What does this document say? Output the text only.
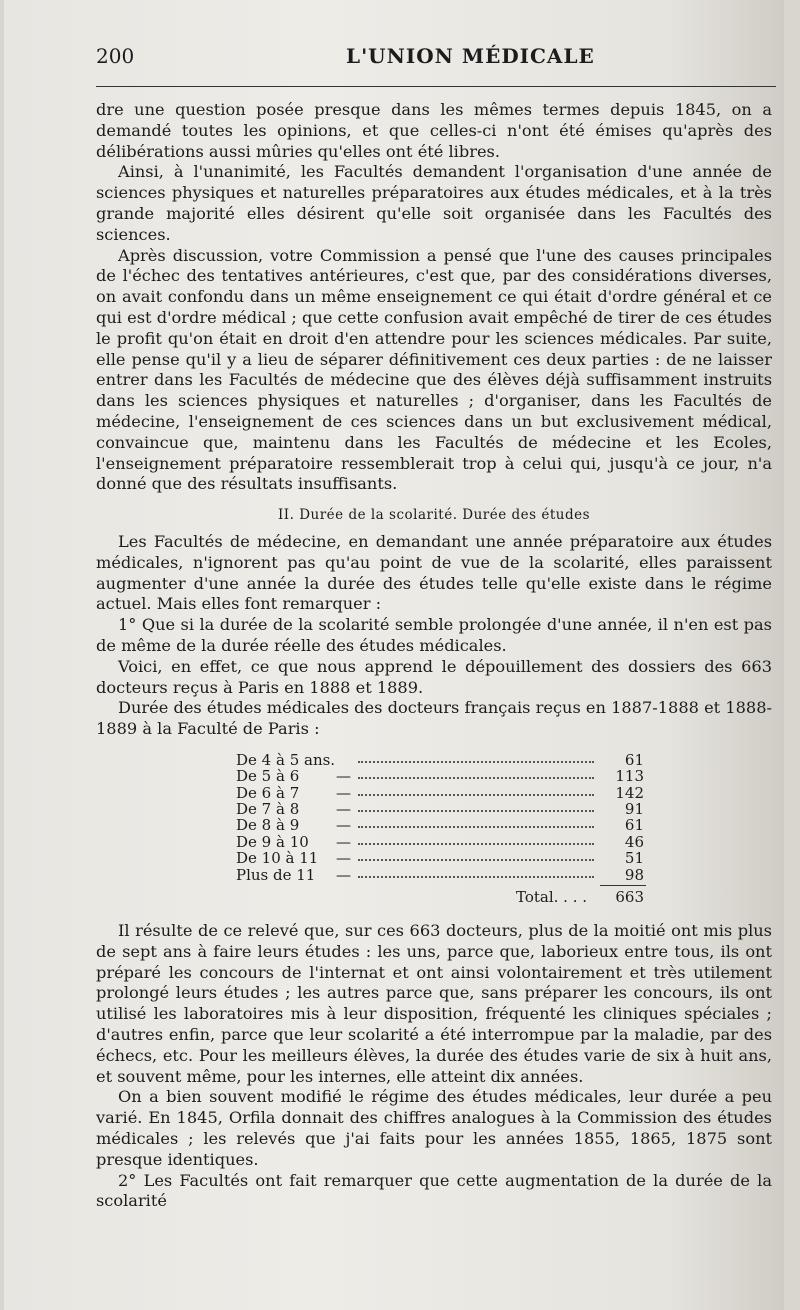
200	L'UNION MÉDICALE

dre une question posée presque dans les mêmes termes depuis 1845, on a demandé toutes les opinions, et que celles-ci n'ont été émises qu'après des délibérations aussi mûries qu'elles ont été libres.

Ainsi, à l'unanimité, les Facultés demandent l'organisation d'une année de sciences physiques et naturelles préparatoires aux études médicales, et à la très grande majorité elles désirent qu'elle soit organisée dans les Facultés des sciences.

Après discussion, votre Commission a pensé que l'une des causes principales de l'échec des tentatives antérieures, c'est que, par des considérations diverses, on avait confondu dans un même enseignement ce qui était d'ordre général et ce qui est d'ordre médical ; que cette confusion avait empêché de tirer de ces études le profit qu'on était en droit d'en attendre pour les sciences médicales. Par suite, elle pense qu'il y a lieu de séparer définitivement ces deux parties : de ne laisser entrer dans les Facultés de médecine que des élèves déjà suffisamment instruits dans les sciences physiques et naturelles ; d'organiser, dans les Facultés de médecine, l'enseignement de ces sciences dans un but exclusivement médical, convaincue que, maintenu dans les Facultés de médecine et les Ecoles, l'enseignement préparatoire ressemblerait trop à celui qui, jusqu'à ce jour, n'a donné que des résultats insuffisants.

II. Durée de la scolarité. Durée des études

Les Facultés de médecine, en demandant une année préparatoire aux études médicales, n'ignorent pas qu'au point de vue de la scolarité, elles paraissent augmenter d'une année la durée des études telle qu'elle existe dans le régime actuel. Mais elles font remarquer :

1° Que si la durée de la scolarité semble prolongée d'une année, il n'en est pas de même de la durée réelle des études médicales.

Voici, en effet, ce que nous apprend le dépouillement des dossiers des 663 docteurs reçus à Paris en 1888 et 1889.

Durée des études médicales des docteurs français reçus en 1887-1888 et 1888-1889 à la Faculté de Paris :

De 4 à 5 ans.	61
De 5 à 6 —	113
De 6 à 7 —	142
De 7 à 8 —	91
De 8 à 9 —	61
De 9 à 10 —	46
De 10 à 11 —	51
Plus de 11 —	98
Total. . . .	663

Il résulte de ce relevé que, sur ces 663 docteurs, plus de la moitié ont mis plus de sept ans à faire leurs études : les uns, parce que, laborieux entre tous, ils ont préparé les concours de l'internat et ont ainsi volontairement et très utilement prolongé leurs études ; les autres parce que, sans préparer les concours, ils ont utilisé les laboratoires mis à leur disposition, fréquenté les cliniques spéciales ; d'autres enfin, parce que leur scolarité a été interrompue par la maladie, par des échecs, etc. Pour les meilleurs élèves, la durée des études varie de six à huit ans, et souvent même, pour les internes, elle atteint dix années.

On a bien souvent modifié le régime des études médicales, leur durée a peu varié. En 1845, Orfila donnait des chiffres analogues à la Commission des études médicales ; les relevés que j'ai faits pour les années 1855, 1865, 1875 sont presque identiques.

2° Les Facultés ont fait remarquer que cette augmentation de la durée de la scolarité
